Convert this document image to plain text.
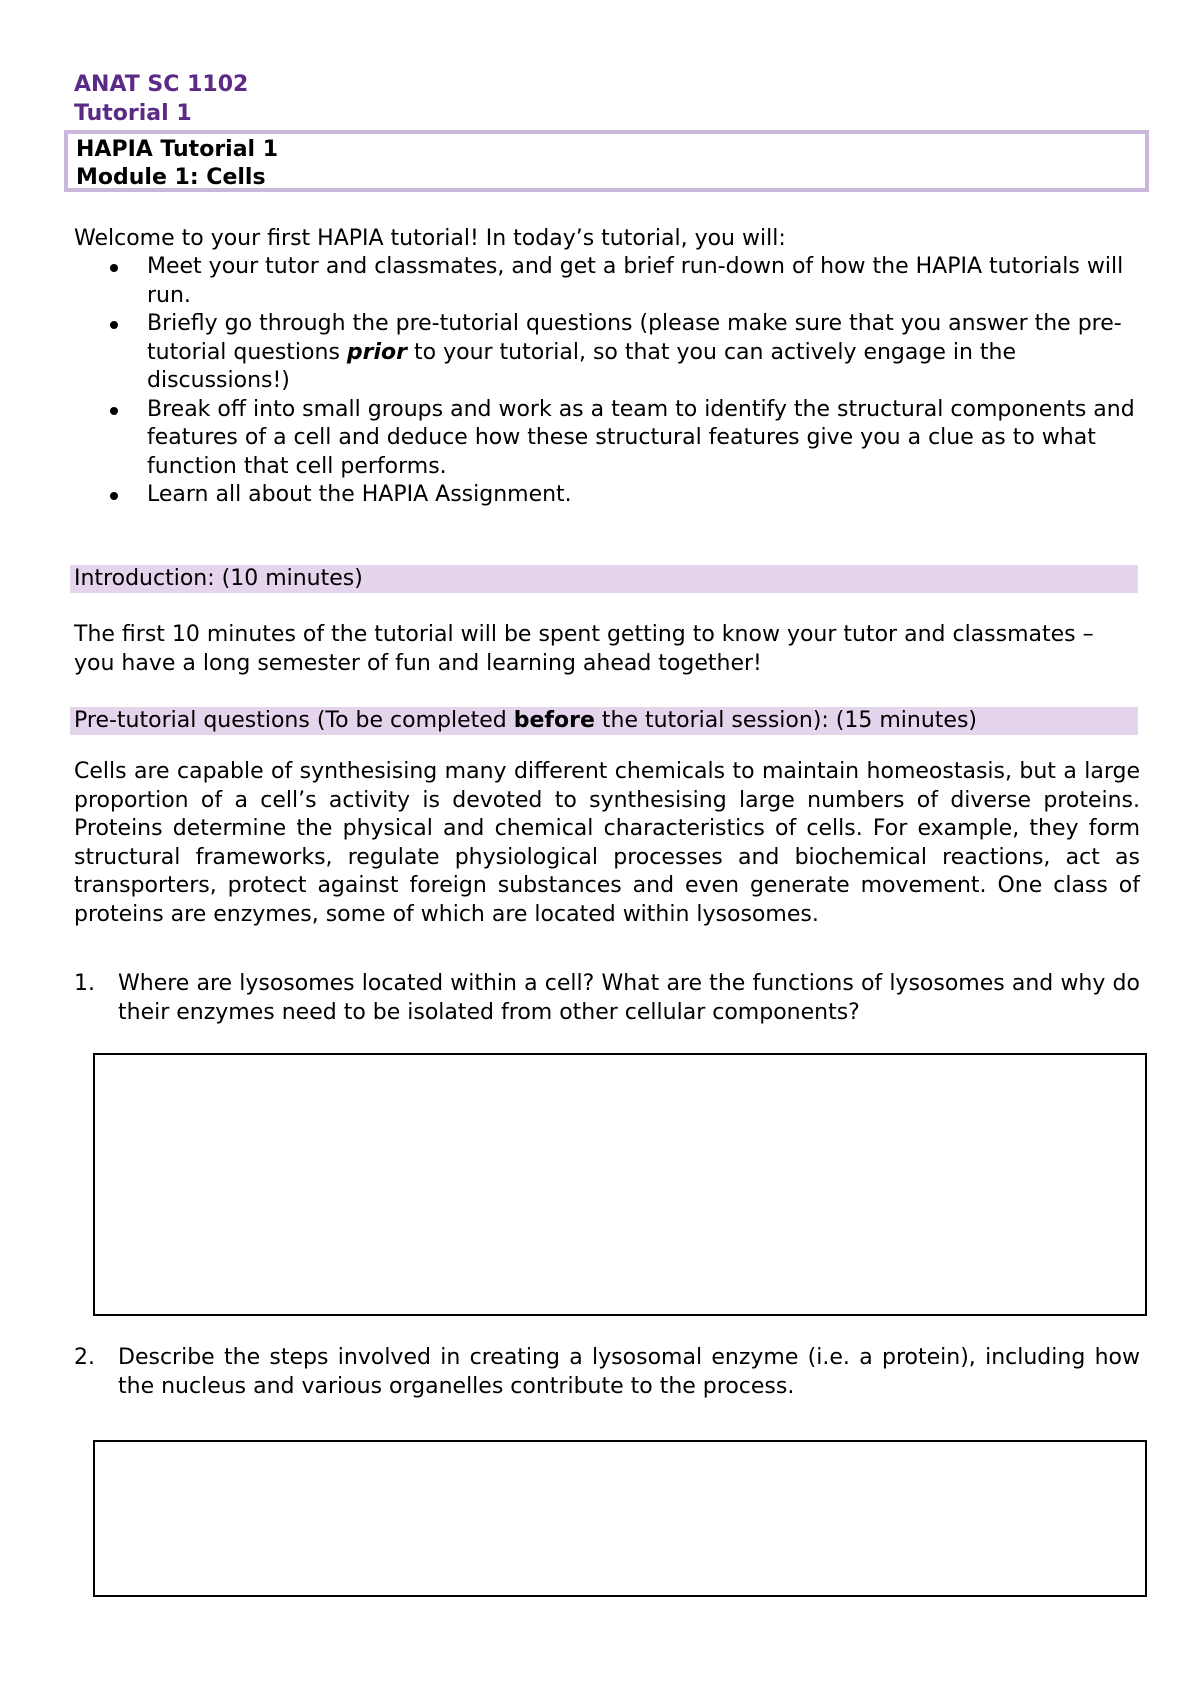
ANAT SC 1102
Tutorial 1
HAPIA Tutorial 1
Module 1: Cells
Welcome to your first HAPIA tutorial! In today’s tutorial, you will:
Meet your tutor and classmates, and get a brief run-down of how the HAPIA tutorials will run.
Briefly go through the pre-tutorial questions (please make sure that you answer the pre-tutorial questions prior to your tutorial, so that you can actively engage in the discussions!)
Break off into small groups and work as a team to identify the structural components and features of a cell and deduce how these structural features give you a clue as to what function that cell performs.
Learn all about the HAPIA Assignment.
Introduction: (10 minutes)
The first 10 minutes of the tutorial will be spent getting to know your tutor and classmates – you have a long semester of fun and learning ahead together!
Pre-tutorial questions (To be completed before the tutorial session): (15 minutes)
Cells are capable of synthesising many different chemicals to maintain homeostasis, but a large proportion of a cell’s activity is devoted to synthesising large numbers of diverse proteins. Proteins determine the physical and chemical characteristics of cells. For example, they form structural frameworks, regulate physiological processes and biochemical reactions, act as transporters, protect against foreign substances and even generate movement. One class of proteins are enzymes, some of which are located within lysosomes.
1. Where are lysosomes located within a cell? What are the functions of lysosomes and why do their enzymes need to be isolated from other cellular components?
2. Describe the steps involved in creating a lysosomal enzyme (i.e. a protein), including how the nucleus and various organelles contribute to the process.
